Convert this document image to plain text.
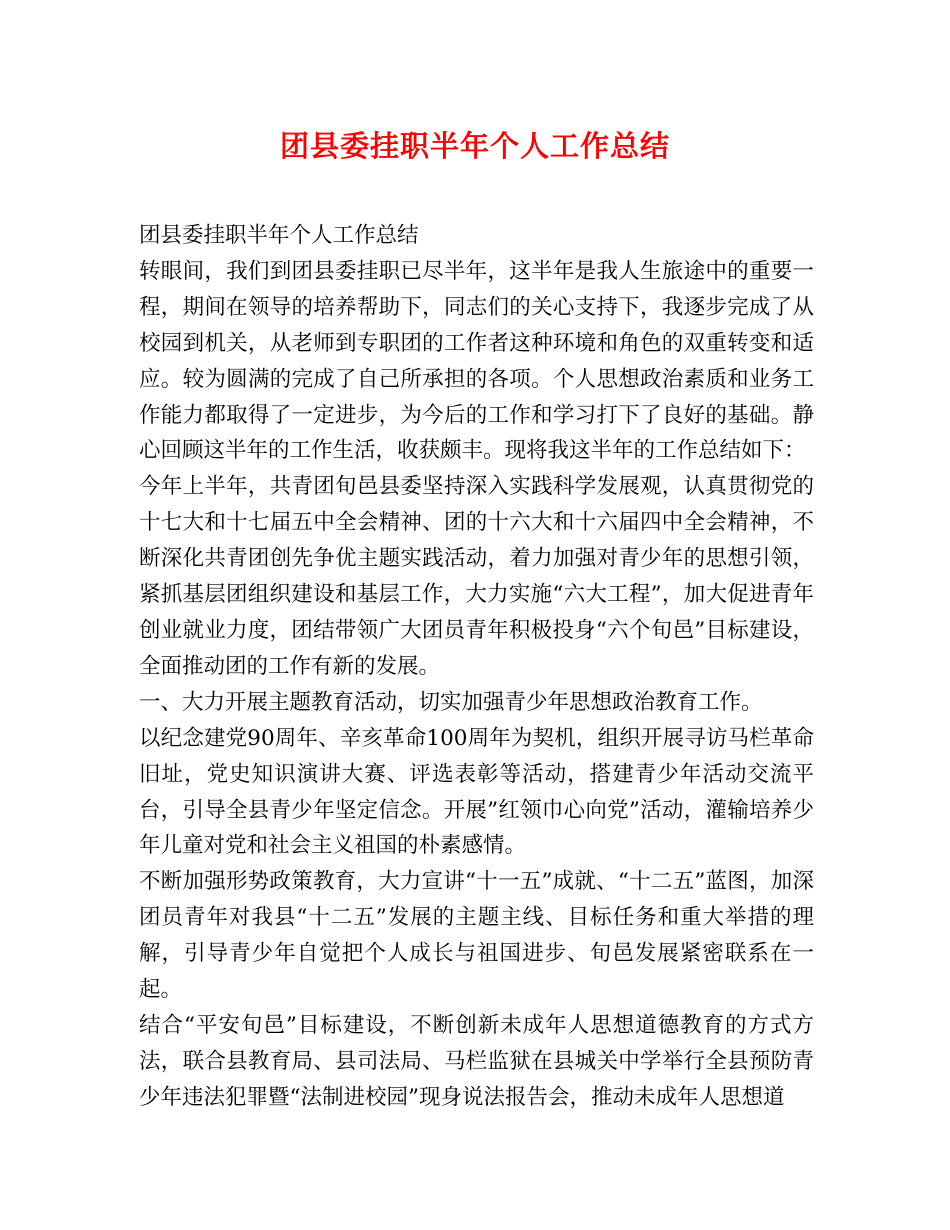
团县委挂职半年个人工作总结

团县委挂职半年个人工作总结

转眼间，我们到团县委挂职已尽半年，这半年是我人生旅途中的重要一程，期间在领导的培养帮助下，同志们的关心支持下，我逐步完成了从校园到机关，从老师到专职团的工作者这种环境和角色的双重转变和适应。较为圆满的完成了自己所承担的各项。个人思想政治素质和业务工作能力都取得了一定进步，为今后的工作和学习打下了良好的基础。静心回顾这半年的工作生活，收获颇丰。现将我这半年的工作总结如下：

今年上半年，共青团旬邑县委坚持深入实践科学发展观，认真贯彻党的十七大和十七届五中全会精神、团的十六大和十六届四中全会精神，不断深化共青团创先争优主题实践活动，着力加强对青少年的思想引领，紧抓基层团组织建设和基层工作，大力实施“六大工程”，加大促进青年创业就业力度，团结带领广大团员青年积极投身“六个旬邑”目标建设，全面推动团的工作有新的发展。

一、大力开展主题教育活动，切实加强青少年思想政治教育工作。

以纪念建党90周年、辛亥革命100周年为契机，组织开展寻访马栏革命旧址，党史知识演讲大赛、评选表彰等活动，搭建青少年活动交流平台，引导全县青少年坚定信念。开展”红领巾心向党”活动，灌输培养少年儿童对党和社会主义祖国的朴素感情。

不断加强形势政策教育，大力宣讲“十一五”成就、“十二五”蓝图，加深团员青年对我县“十二五”发展的主题主线、目标任务和重大举措的理解，引导青少年自觉把个人成长与祖国进步、旬邑发展紧密联系在一起。

结合“平安旬邑”目标建设，不断创新未成年人思想道德教育的方式方法，联合县教育局、县司法局、马栏监狱在县城关中学举行全县预防青少年违法犯罪暨“法制进校园”现身说法报告会，推动未成年人思想道
